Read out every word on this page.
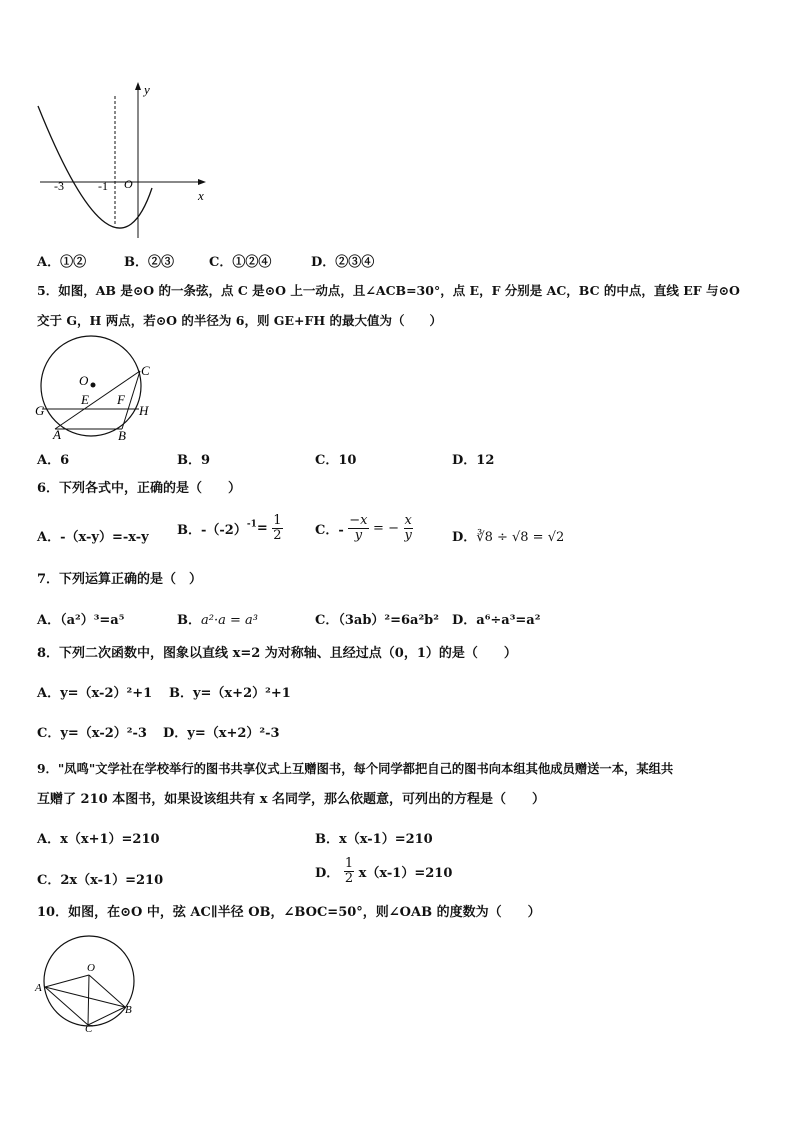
y
x
O
-3	-1
A．①②	B．②③	C．①②④	D．②③④
5．如图，AB 是⊙O 的一条弦，点 C 是⊙O 上一动点，且∠ACB=30°，点 E，F 分别是 AC，BC 的中点，直线 EF 与⊙O
交于 G，H 两点，若⊙O 的半径为 6，则 GE+FH 的最大值为（　　）
O
C
E F
G	H
A	B
A．6	B．9	C．10	D．12
6．下列各式中，正确的是（　　）
A．-（x-y）=-x-y B．$-(-2)^{-1}= \frac{1}{2}$ C．- $\frac{-x}{y}$ = − $\frac{x}{y}$	D．∛8 ÷ √8 = √2
7．下列运算正确的是（　）
A．（a²）³=a⁵	B．a²·a = a³	C．（3ab）²=6a²b² D．a⁶÷a³=a²
8．下列二次函数中，图象以直线 x=2 为对称轴、且经过点（0，1）的是（　　）
A．y=（x-2）²+1 B．y=（x+2）²+1
C．y=（x-2）²-3 D．y=（x+2）²-3
9．"凤鸣"文学社在学校举行的图书共享仪式上互赠图书，每个同学都把自己的图书向本组其他成员赠送一本，某组共
互赠了 210 本图书，如果设该组共有 x 名同学，那么依题意，可列出的方程是（　　）
A．x（x+1）=210	B．x（x-1）=210
C．2x（x-1）=210	D． $\frac{1}{2} x(x-1)=210$
10．如图，在⊙O 中，弦 AC∥半径 OB，∠BOC=50°，则∠OAB 的度数为（　　）
O
A
B
C
